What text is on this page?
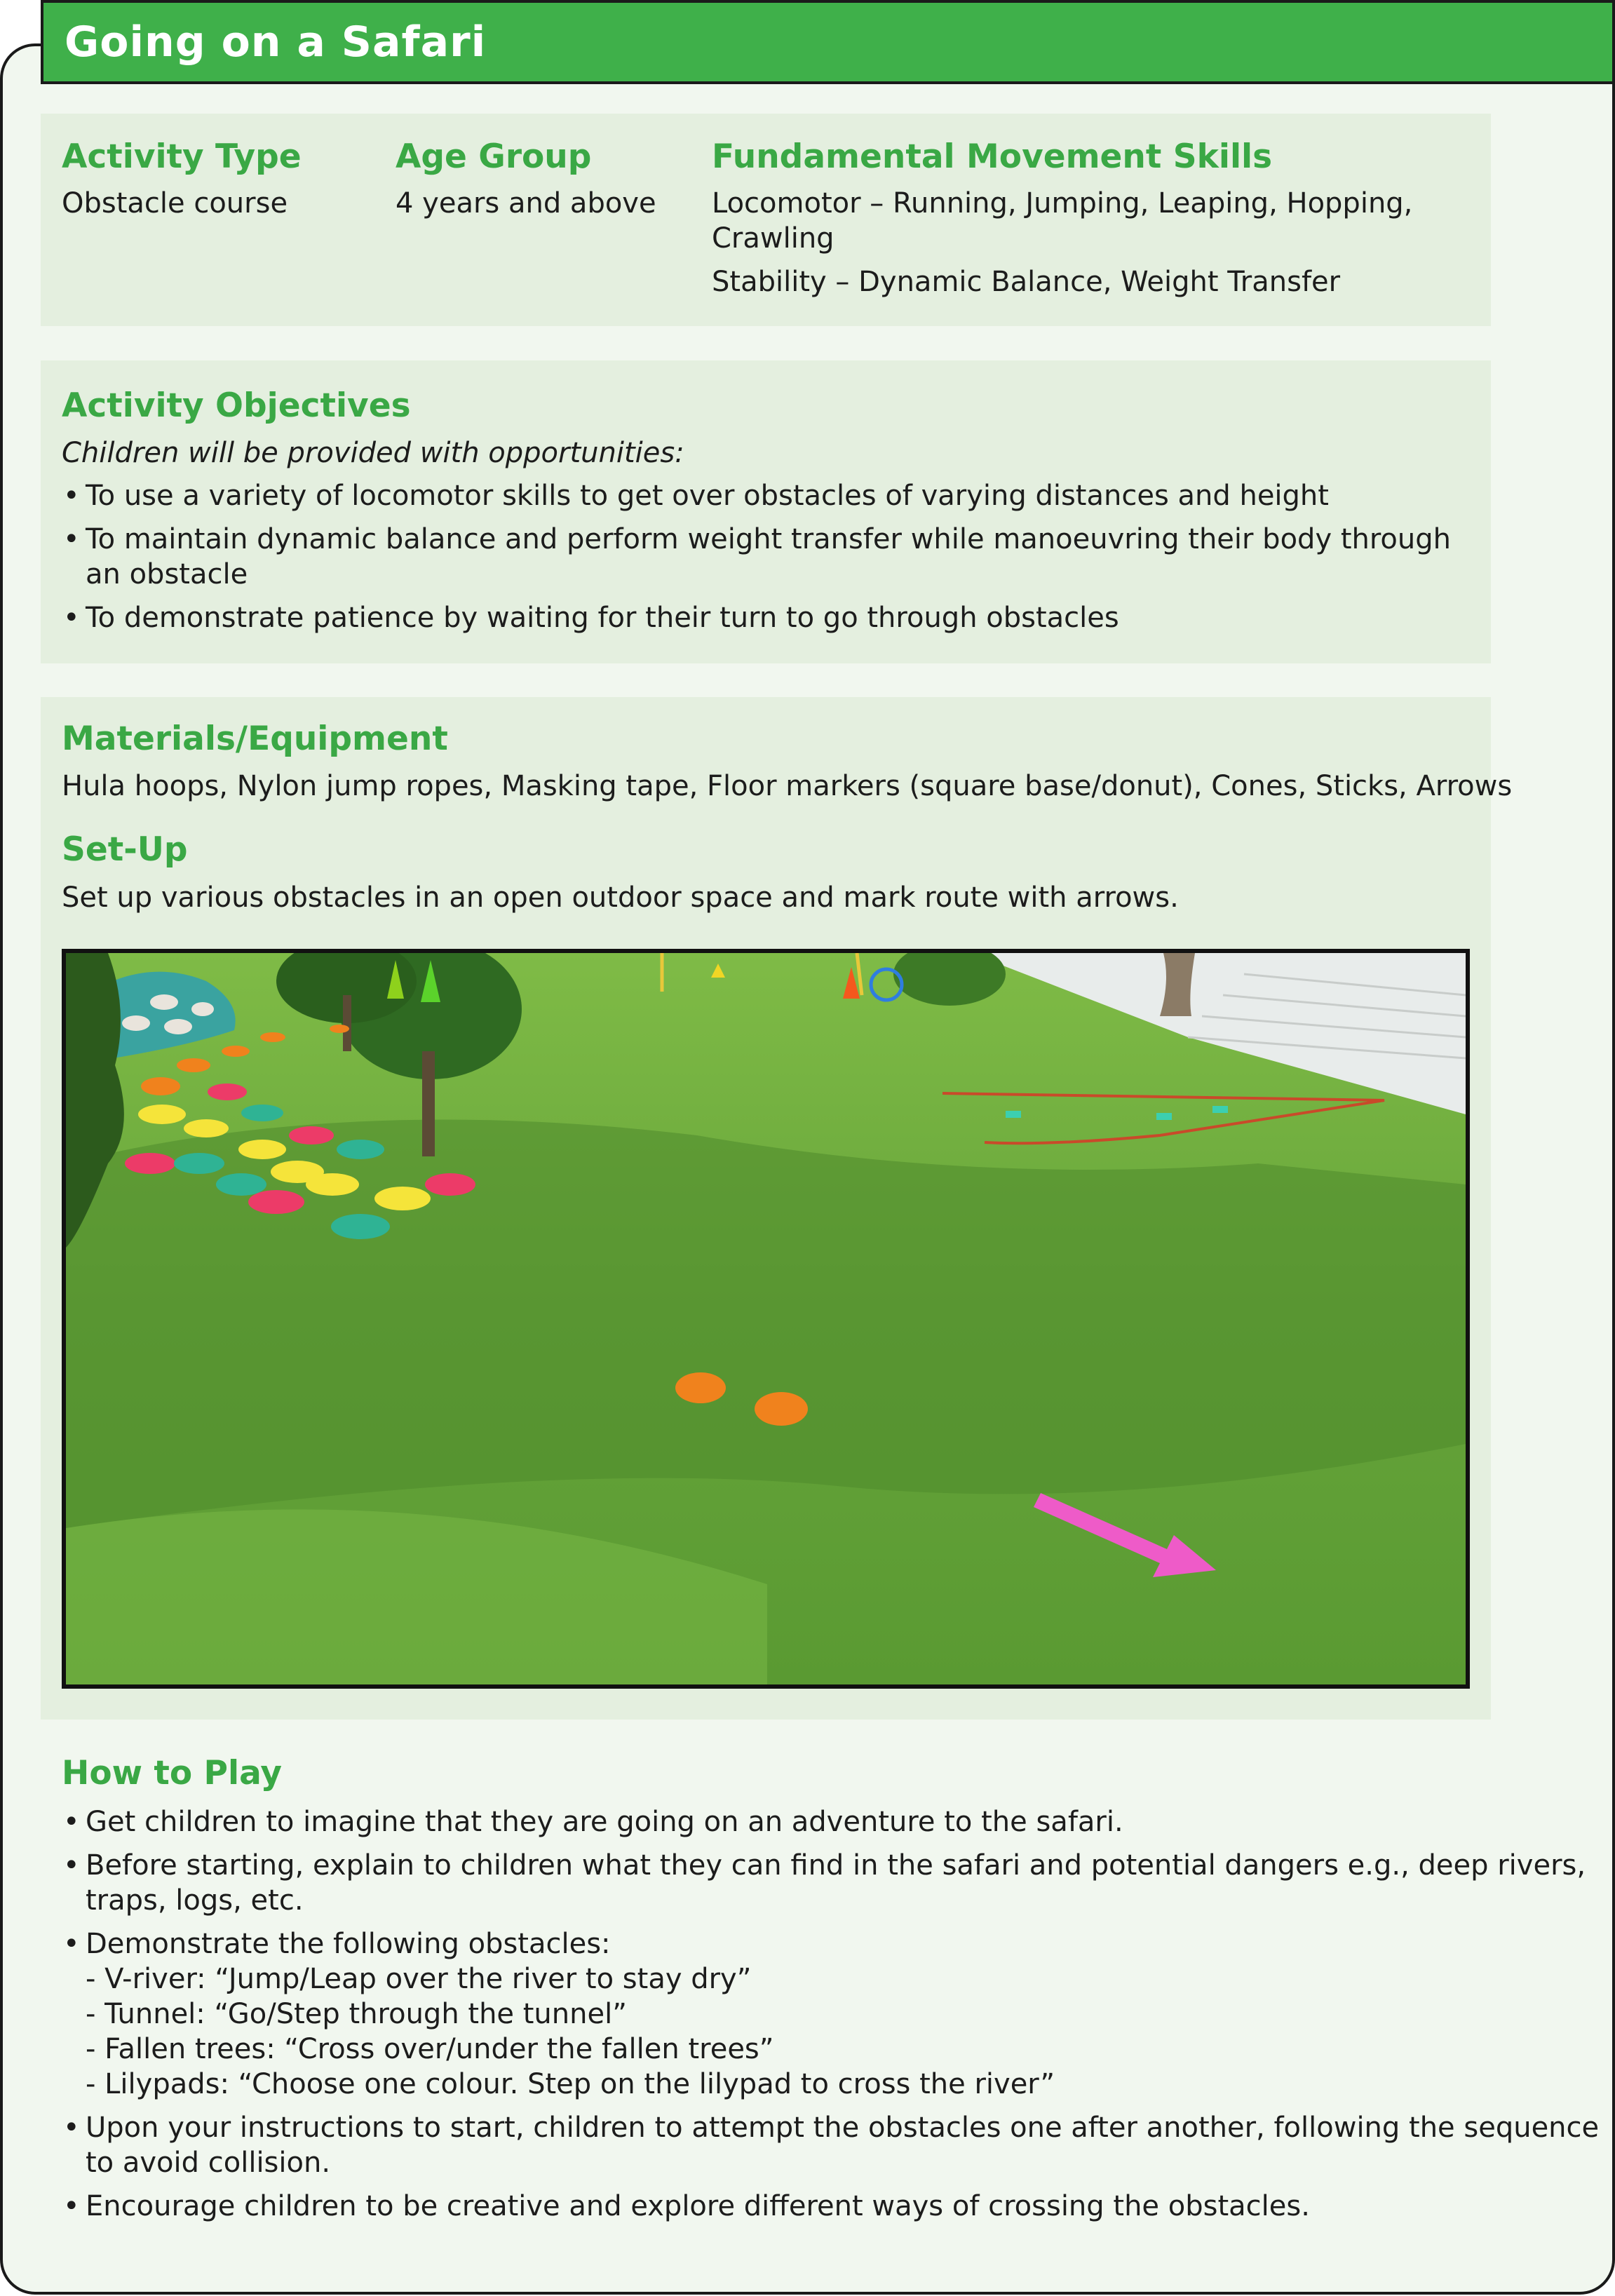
Going on a Safari
Activity Type
Obstacle course
Age Group
4 years and above
Fundamental Movement Skills
Locomotor – Running, Jumping, Leaping, Hopping,
Crawling
Stability – Dynamic Balance, Weight Transfer
Activity Objectives
Children will be provided with opportunities:
• To use a variety of locomotor skills to get over obstacles of varying distances and height
• To maintain dynamic balance and perform weight transfer while manoeuvring their body through
an obstacle
• To demonstrate patience by waiting for their turn to go through obstacles
Materials/Equipment
Hula hoops, Nylon jump ropes, Masking tape, Floor markers (square base/donut), Cones, Sticks, Arrows
Set-Up
Set up various obstacles in an open outdoor space and mark route with arrows.
How to Play
• Get children to imagine that they are going on an adventure to the safari.
• Before starting, explain to children what they can find in the safari and potential dangers e.g., deep rivers,
traps, logs, etc.
• Demonstrate the following obstacles:
- V-river: “Jump/Leap over the river to stay dry”
- Tunnel: “Go/Step through the tunnel”
- Fallen trees: “Cross over/under the fallen trees”
- Lilypads: “Choose one colour. Step on the lilypad to cross the river”
• Upon your instructions to start, children to attempt the obstacles one after another, following the sequence
to avoid collision.
• Encourage children to be creative and explore different ways of crossing the obstacles.
